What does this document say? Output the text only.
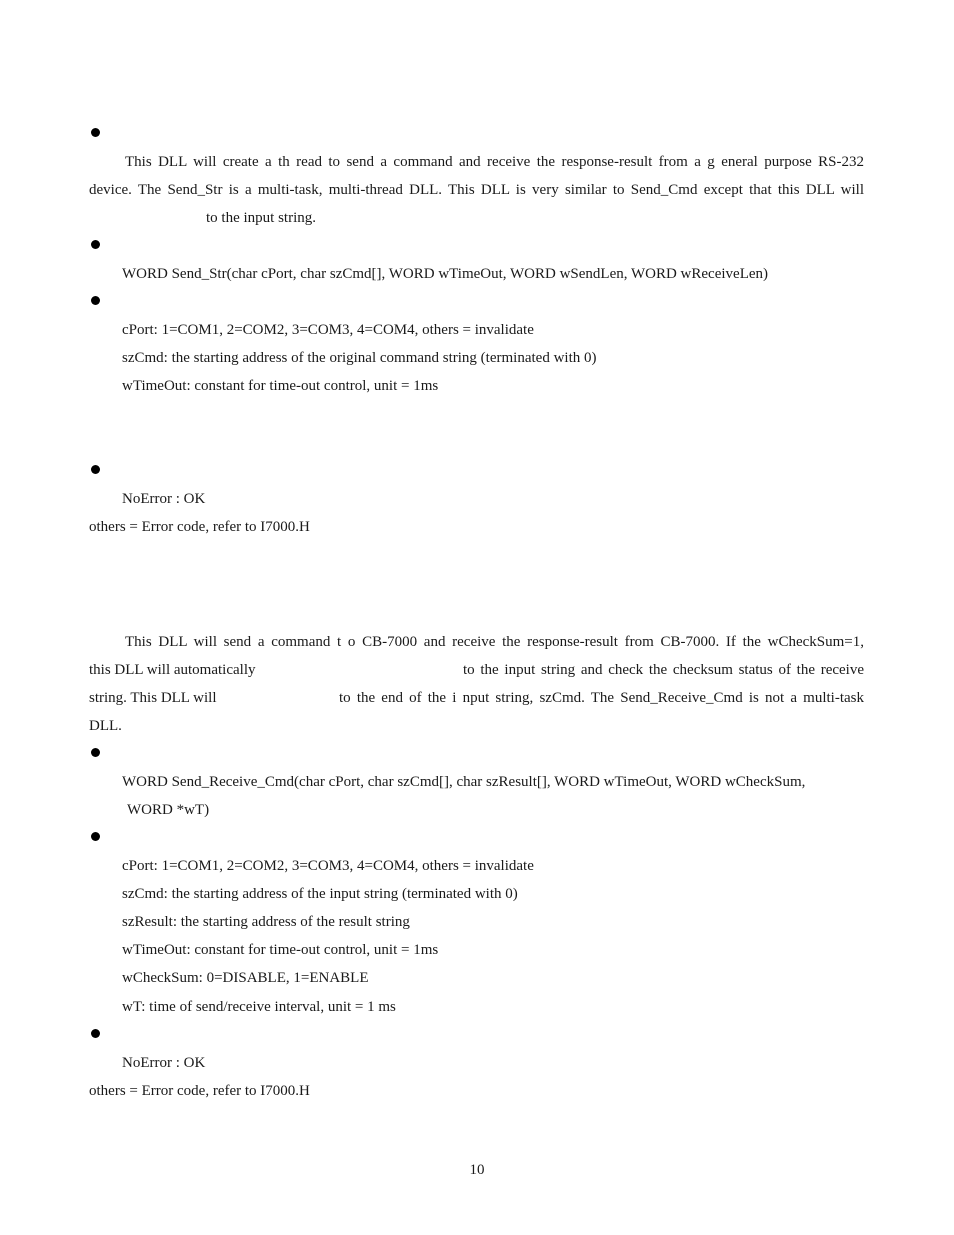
This DLL will create a th read to send a command and receive the response-result from a g eneral purpose RS-232
device. The Send_Str is a multi-task, multi-thread DLL. This DLL is very similar to Send_Cmd except that this DLL will
to the input string.
WORD Send_Str(char cPort, char szCmd[], WORD wTimeOut, WORD wSendLen, WORD wReceiveLen)
cPort: 1=COM1, 2=COM2, 3=COM3, 4=COM4, others = invalidate
szCmd: the starting address of the original command string (terminated with 0)
wTimeOut: constant for time-out control, unit = 1ms
NoError : OK
others = Error code, refer to I7000.H
This DLL will send a command t o CB-7000 and receive the response-result from CB-7000. If the wCheckSum=1,
this DLL will automatically	to the input string and check the checksum status of the receive
string. This DLL will	to the end of the i nput string, szCmd. The Send_Receive_Cmd is not a multi-task
DLL.
WORD Send_Receive_Cmd(char cPort, char szCmd[], char szResult[], WORD wTimeOut, WORD wCheckSum,
WORD *wT)
cPort: 1=COM1, 2=COM2, 3=COM3, 4=COM4, others = invalidate
szCmd: the starting address of the input string (terminated with 0)
szResult: the starting address of the result string
wTimeOut: constant for time-out control, unit = 1ms
wCheckSum: 0=DISABLE, 1=ENABLE
wT: time of send/receive interval, unit = 1 ms
NoError : OK
others = Error code, refer to I7000.H
10
